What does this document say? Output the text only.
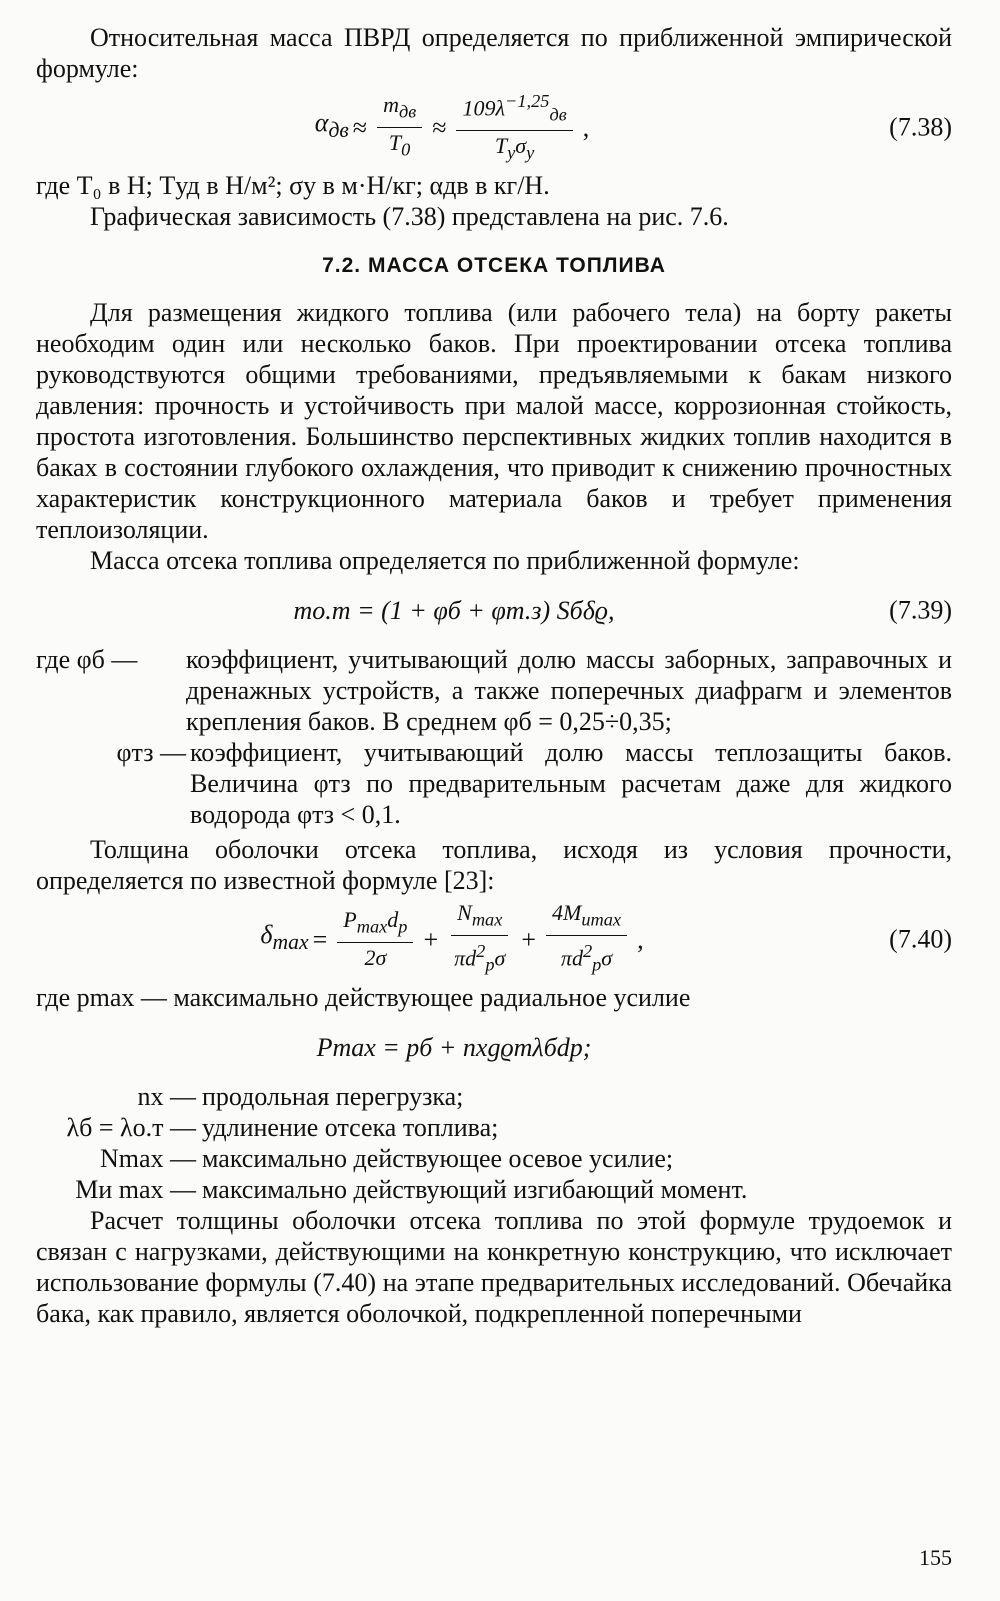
Относительная масса ПВРД определяется по приближенной эмпирической формуле:

$\alpha_{дв} \approx \frac{m_{дв}}{T_0} \approx \frac{109\lambda^{-1,25}_{дв}}{T_у\sigma_у}$ ,	(7.38)

где T₀ в Н; Tуд в Н/м²; σу в м·Н/кг; αдв в кг/Н.

Графическая зависимость (7.38) представлена на рис. 7.6.

7.2. МАССА ОТСЕКА ТОПЛИВА

Для размещения жидкого топлива (или рабочего тела) на борту ракеты необходим один или несколько баков. При проектировании отсека топлива руководствуются общими требованиями, предъявляемыми к бакам низкого давления: прочность и устойчивость при малой массе, коррозионная стойкость, простота изготовления. Большинство перспективных жидких топлив находится в баках в состоянии глубокого охлаждения, что приводит к снижению прочностных характеристик конструкционного материала баков и требует применения теплоизоляции.

Масса отсека топлива определяется по приближенной формуле:

mо.т = (1 + φб + φт.з) Sбδϱ,	(7.39)
где φб —	коэффициент, учитывающий долю массы заборных, заправочных и дренажных устройств, а также поперечных диафрагм и элементов крепления баков. В среднем φб = 0,25÷0,35;
φтз — коэффициент, учитывающий долю массы теплозащиты баков. Величина φтз по предварительным расчетам даже для жидкого водорода φтз < 0,1.

Толщина оболочки отсека топлива, исходя из условия прочности, определяется по известной формуле [23]:

$\delta_{max} = \frac{P_{max}d_р}{2\sigma} + \frac{N_{max}}{\pi d^2_р\sigma} + \frac{4M_{иmax}}{\pi d^2_р\sigma}$ ,	(7.40)

где pmax — максимально действующее радиальное усилие

Pmax = pб + nxgϱтλбdр;
nx — продольная перегрузка;
λб = λо.т — удлинение отсека топлива;
Nmax — максимально действующее осевое усилие;
Mи max — максимально действующий изгибающий момент.

Расчет толщины оболочки отсека топлива по этой формуле трудоемок и связан с нагрузками, действующими на конкретную конструкцию, что исключает использование формулы (7.40) на этапе предварительных исследований. Обечайка бака, как правило, является оболочкой, подкрепленной поперечными

155
